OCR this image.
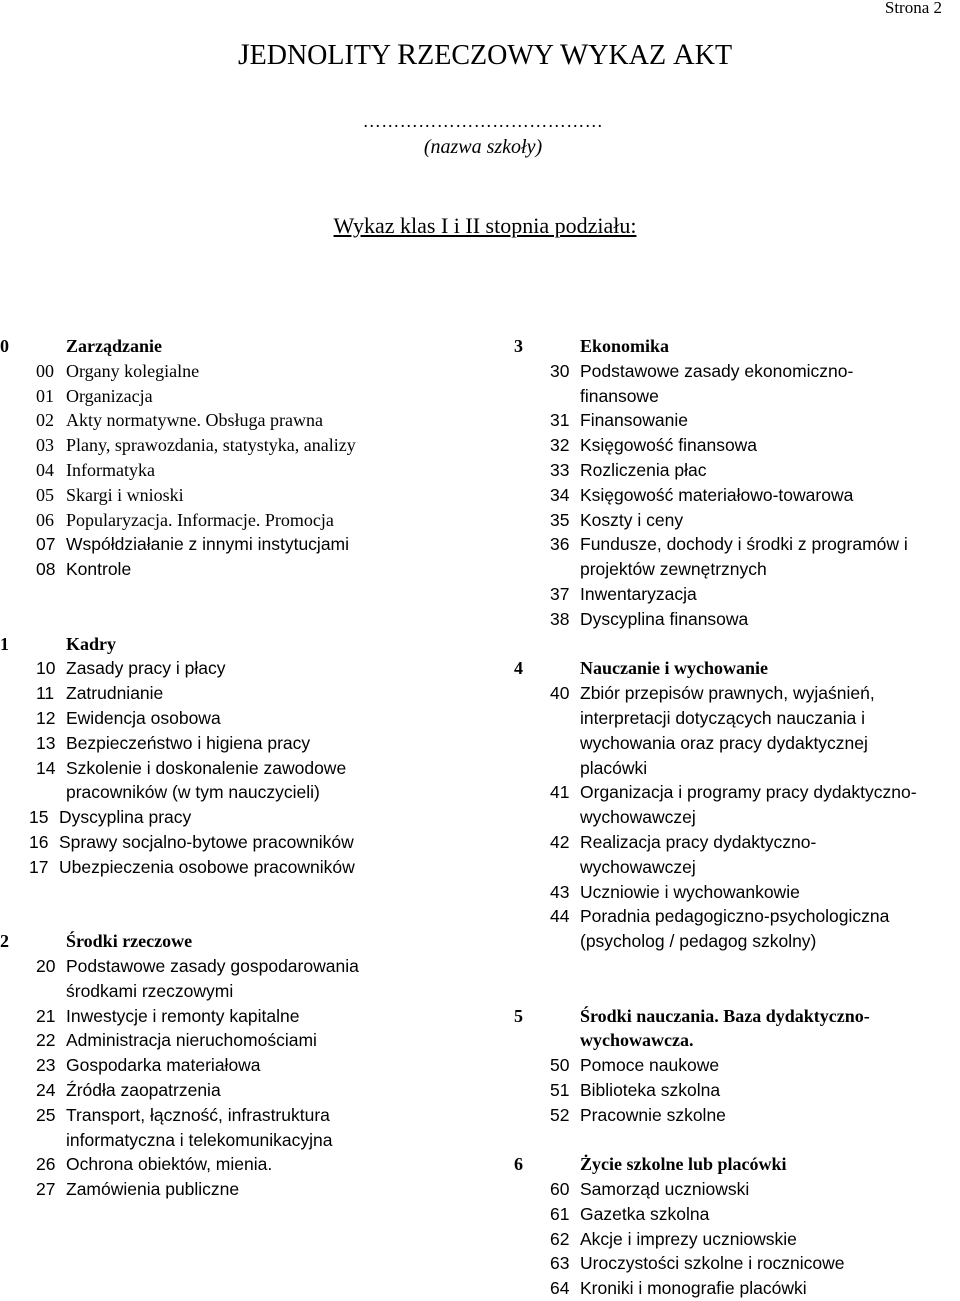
Strona 2
JEDNOLITY RZECZOWY WYKAZ AKT
…………………………………
(nazwa szkoły)
Wykaz klas I i II stopnia podziału:
0	Zarządzanie
00 Organy kolegialne
01 Organizacja
02 Akty normatywne. Obsługa prawna
03 Plany, sprawozdania, statystyka, analizy
04 Informatyka
05 Skargi i wnioski
06 Popularyzacja. Informacje. Promocja
07 Współdziałanie z innymi instytucjami
08 Kontrole
1	Kadry
10 Zasady pracy i płacy
11 Zatrudnianie
12 Ewidencja osobowa
13 Bezpieczeństwo i higiena pracy
14 Szkolenie i doskonalenie zawodowe pracowników (w tym nauczycieli)
15 Dyscyplina pracy
16 Sprawy socjalno-bytowe pracowników
17 Ubezpieczenia osobowe pracowników
2	Środki rzeczowe
20 Podstawowe zasady gospodarowania środkami rzeczowymi
21 Inwestycje i remonty kapitalne
22 Administracja nieruchomościami
23 Gospodarka materiałowa
24 Źródła zaopatrzenia
25 Transport, łączność, infrastruktura informatyczna i telekomunikacyjna
26 Ochrona obiektów, mienia.
27 Zamówienia publiczne
3	Ekonomika
30 Podstawowe zasady ekonomiczno-finansowe
31 Finansowanie
32 Księgowość finansowa
33 Rozliczenia płac
34 Księgowość materiałowo-towarowa
35 Koszty i ceny
36 Fundusze, dochody i środki z programów i projektów zewnętrznych
37 Inwentaryzacja
38 Dyscyplina finansowa
4	Nauczanie i wychowanie
40 Zbiór przepisów prawnych, wyjaśnień, interpretacji dotyczących nauczania i wychowania oraz pracy dydaktycznej placówki
41 Organizacja i programy pracy dydaktyczno-wychowawczej
42 Realizacja pracy dydaktyczno-wychowawczej
43 Uczniowie i wychowankowie
44 Poradnia pedagogiczno-psychologiczna (psycholog / pedagog szkolny)
5	Środki nauczania. Baza dydaktyczno-wychowawcza.
50 Pomoce naukowe
51 Biblioteka szkolna
52 Pracownie szkolne
6	Życie szkolne lub placówki
60 Samorząd uczniowski
61 Gazetka szkolna
62 Akcje i imprezy uczniowskie
63 Uroczystości szkolne i rocznicowe
64 Kroniki i monografie placówki
